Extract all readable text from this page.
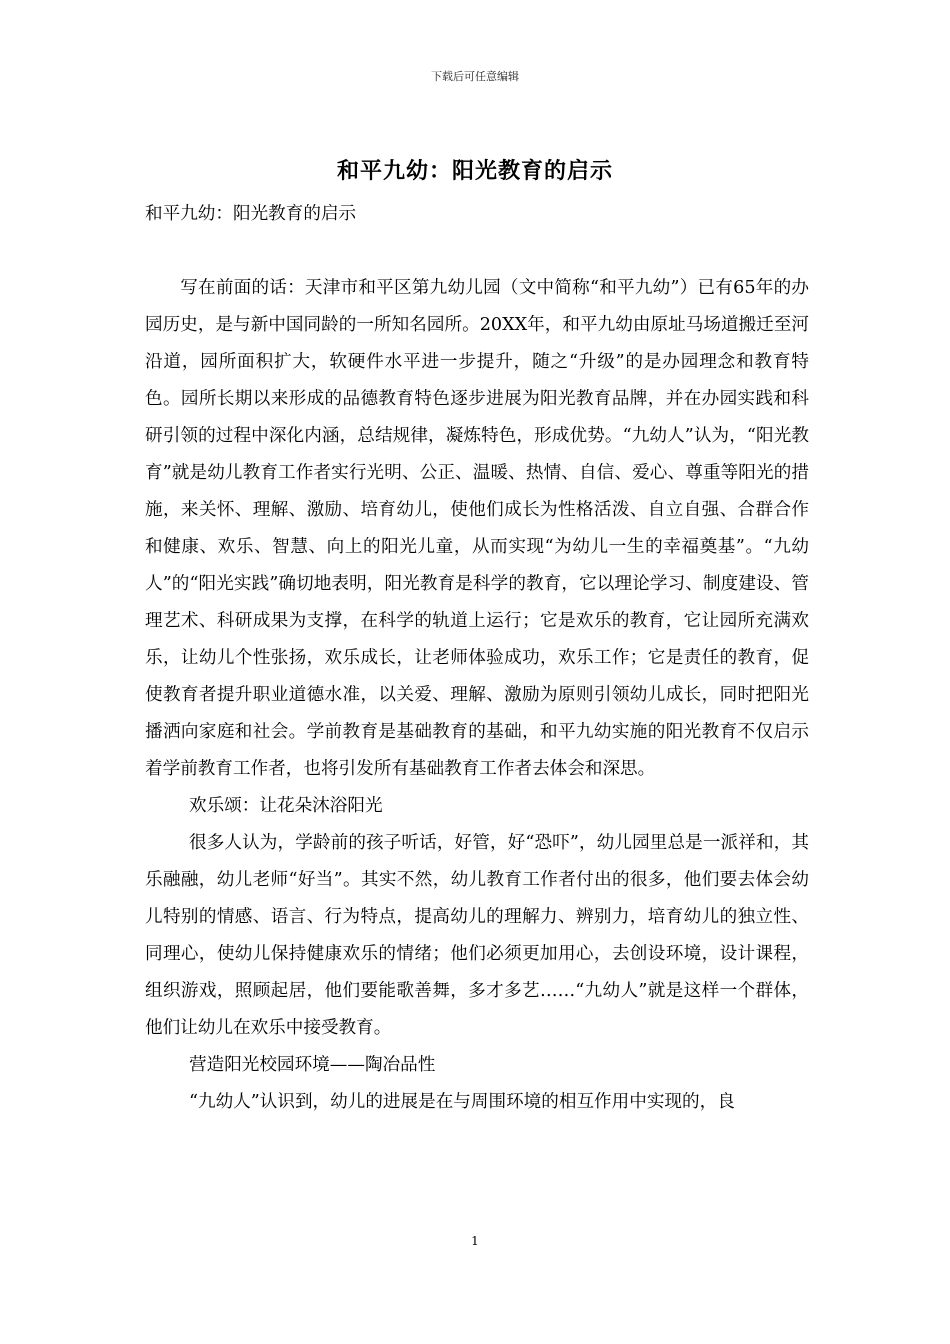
下载后可任意编辑
和平九幼：阳光教育的启示

和平九幼：阳光教育的启示

写在前面的话：天津市和平区第九幼儿园（文中简称“和平九幼”）已有65年的办园历史，是与新中国同龄的一所知名园所。20XX年，和平九幼由原址马场道搬迁至河沿道，园所面积扩大，软硬件水平进一步提升，随之“升级”的是办园理念和教育特色。园所长期以来形成的品德教育特色逐步进展为阳光教育品牌，并在办园实践和科研引领的过程中深化内涵，总结规律，凝炼特色，形成优势。“九幼人”认为，“阳光教育”就是幼儿教育工作者实行光明、公正、温暖、热情、自信、爱心、尊重等阳光的措施，来关怀、理解、激励、培育幼儿，使他们成长为性格活泼、自立自强、合群合作和健康、欢乐、智慧、向上的阳光儿童，从而实现“为幼儿一生的幸福奠基”。“九幼人”的“阳光实践”确切地表明，阳光教育是科学的教育，它以理论学习、制度建设、管理艺术、科研成果为支撑，在科学的轨道上运行；它是欢乐的教育，它让园所充满欢乐，让幼儿个性张扬，欢乐成长，让老师体验成功，欢乐工作；它是责任的教育，促使教育者提升职业道德水准，以关爱、理解、激励为原则引领幼儿成长，同时把阳光播洒向家庭和社会。学前教育是基础教育的基础，和平九幼实施的阳光教育不仅启示着学前教育工作者，也将引发所有基础教育工作者去体会和深思。

欢乐颂：让花朵沐浴阳光

很多人认为，学龄前的孩子听话，好管，好“恐吓”，幼儿园里总是一派祥和，其乐融融，幼儿老师“好当”。其实不然，幼儿教育工作者付出的很多，他们要去体会幼儿特别的情感、语言、行为特点，提高幼儿的理解力、辨别力，培育幼儿的独立性、同理心，使幼儿保持健康欢乐的情绪；他们必须更加用心，去创设环境，设计课程，组织游戏，照顾起居，他们要能歌善舞，多才多艺……“九幼人”就是这样一个群体，他们让幼儿在欢乐中接受教育。

营造阳光校园环境——陶冶品性

“九幼人”认识到，幼儿的进展是在与周围环境的相互作用中实现的，良

1
